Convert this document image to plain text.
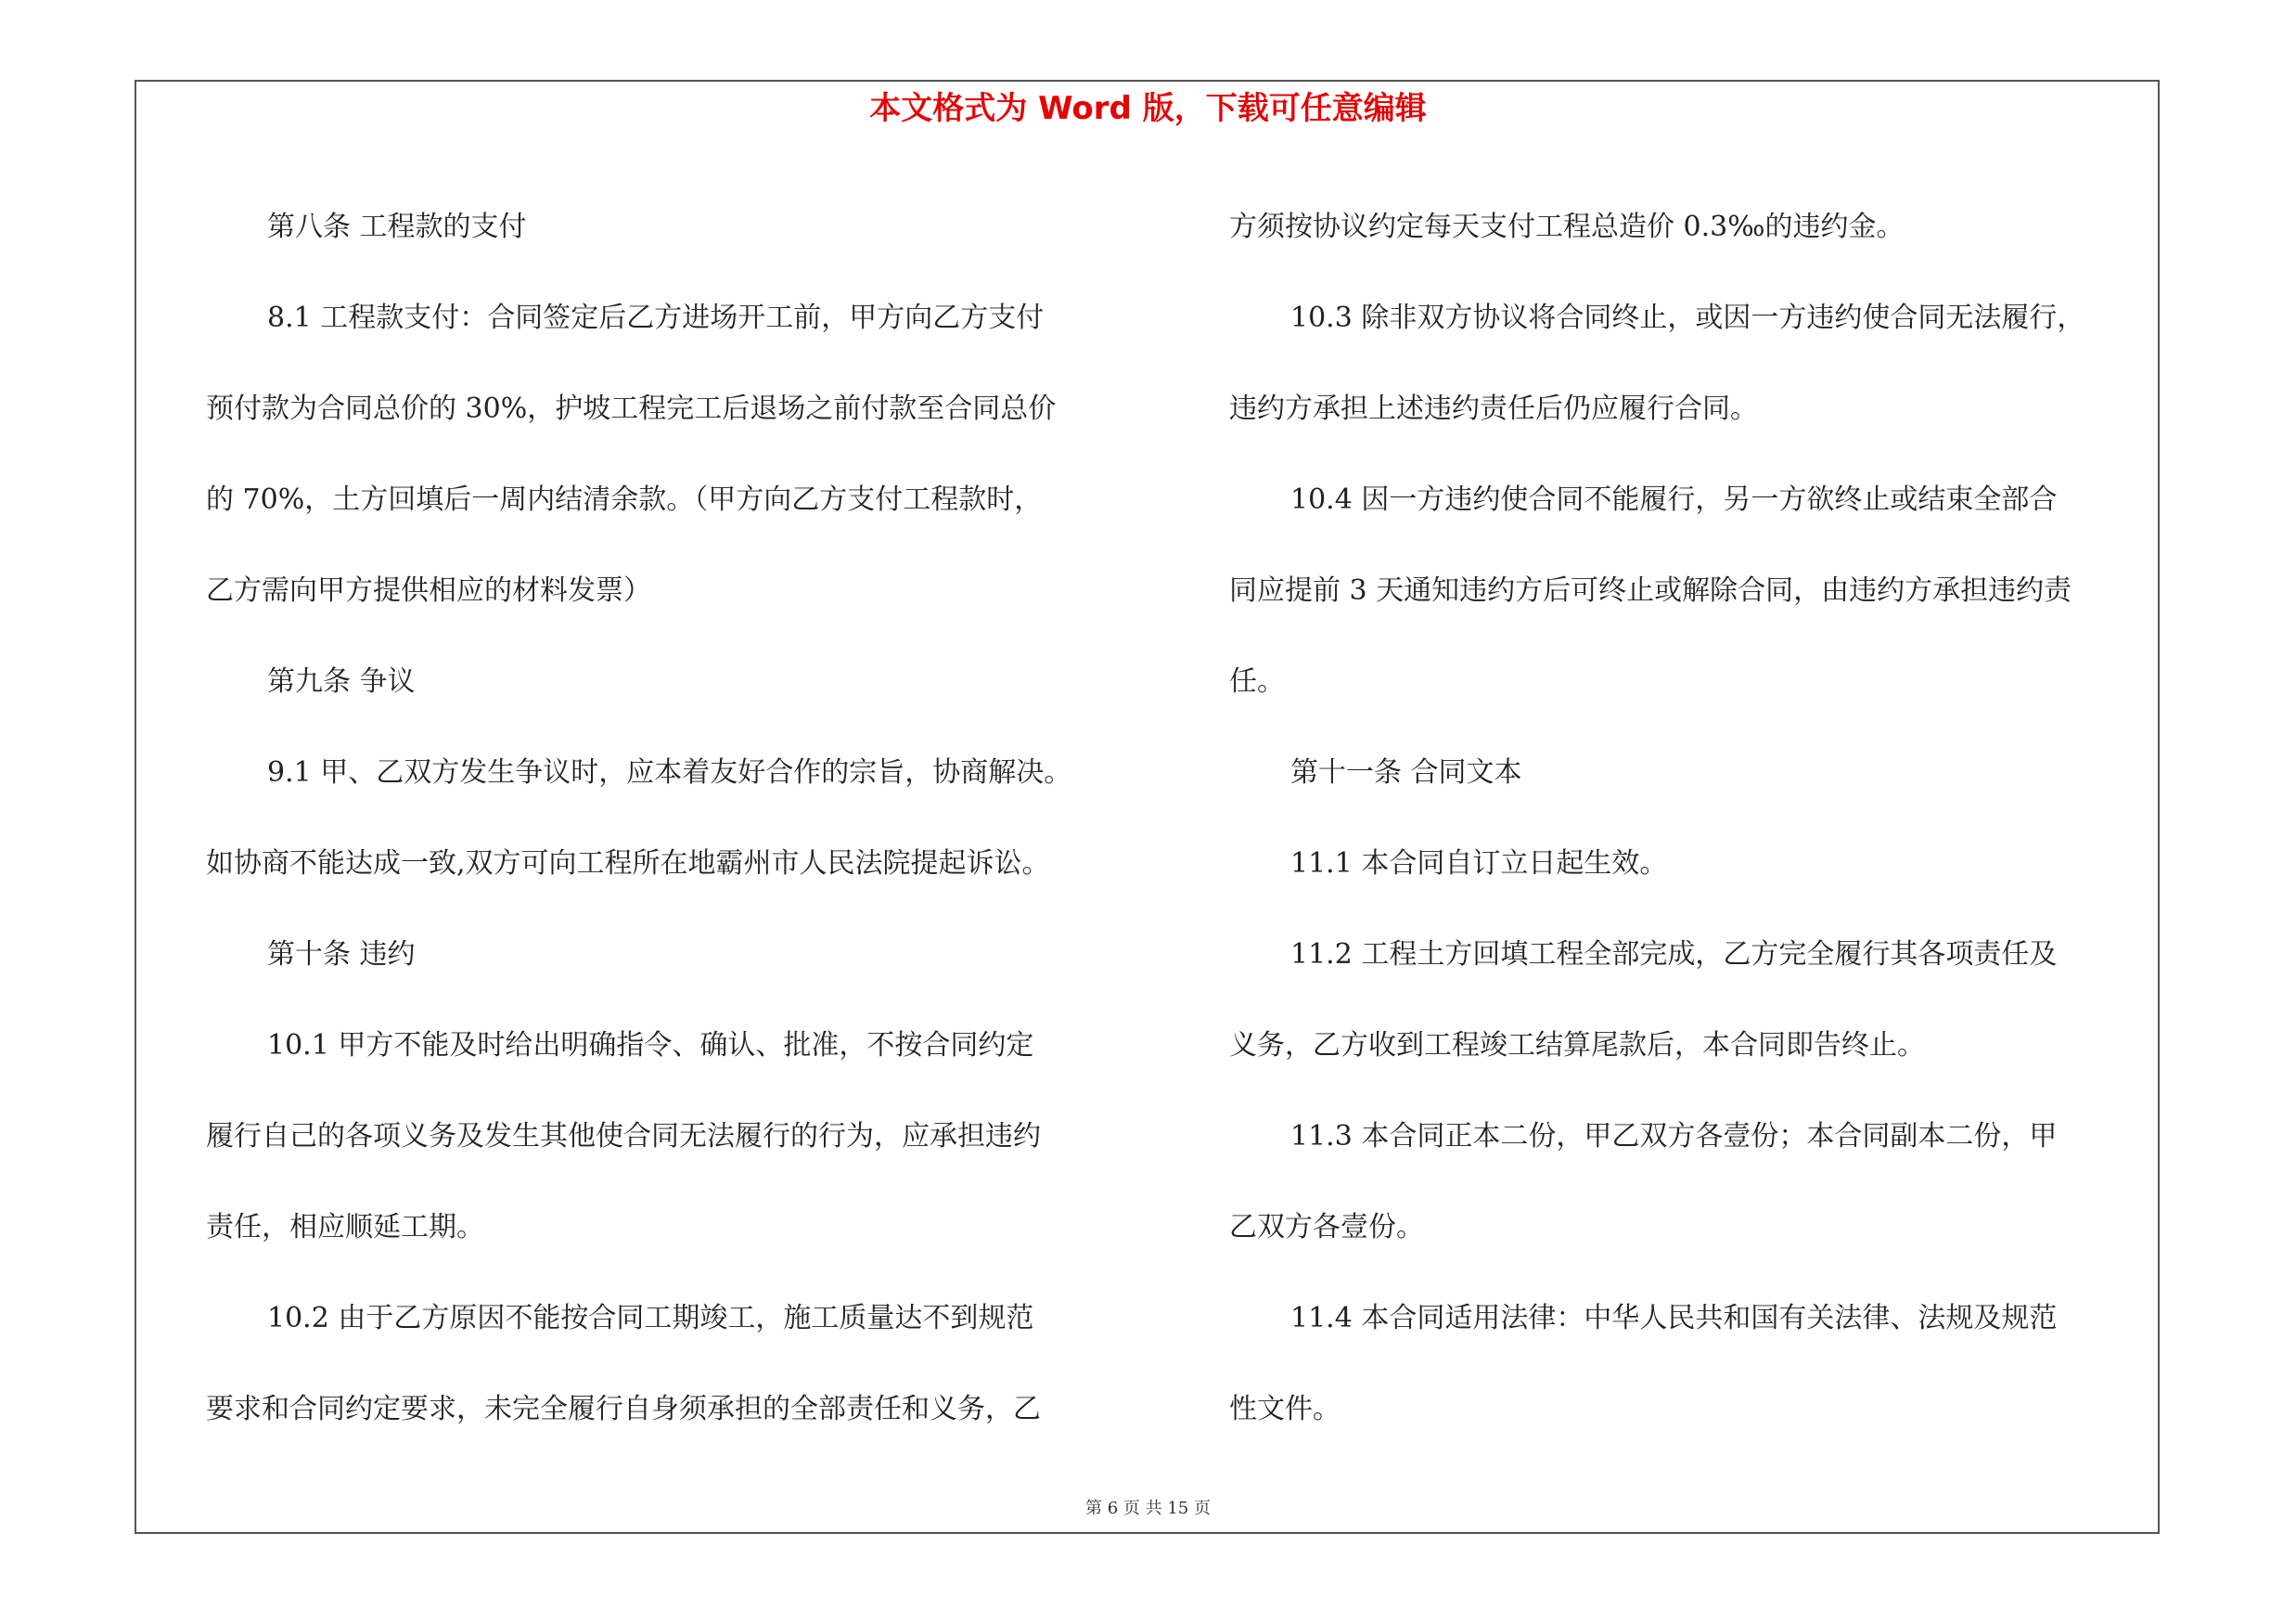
本文格式为 Word 版，下载可任意编辑
第八条 工程款的支付
8.1 工程款支付：合同签定后乙方进场开工前，甲方向乙方支付
预付款为合同总价的 30%，护坡工程完工后退场之前付款至合同总价
的 70%，土方回填后一周内结清余款。（甲方向乙方支付工程款时，
乙方需向甲方提供相应的材料发票）
第九条 争议
9.1 甲、乙双方发生争议时，应本着友好合作的宗旨，协商解决。
如协商不能达成一致,双方可向工程所在地霸州市人民法院提起诉讼。
第十条 违约
10.1 甲方不能及时给出明确指令、确认、批准，不按合同约定
履行自己的各项义务及发生其他使合同无法履行的行为，应承担违约
责任，相应顺延工期。
10.2 由于乙方原因不能按合同工期竣工，施工质量达不到规范
要求和合同约定要求，未完全履行自身须承担的全部责任和义务，乙
方须按协议约定每天支付工程总造价 0.3‰的违约金。
10.3 除非双方协议将合同终止，或因一方违约使合同无法履行，
违约方承担上述违约责任后仍应履行合同。
10.4 因一方违约使合同不能履行，另一方欲终止或结束全部合
同应提前 3 天通知违约方后可终止或解除合同，由违约方承担违约责
任。
第十一条 合同文本
11.1 本合同自订立日起生效。
11.2 工程土方回填工程全部完成，乙方完全履行其各项责任及
义务，乙方收到工程竣工结算尾款后，本合同即告终止。
11.3 本合同正本二份，甲乙双方各壹份；本合同副本二份，甲
乙双方各壹份。
11.4 本合同适用法律：中华人民共和国有关法律、法规及规范
性文件。
第 6 页 共 15 页
